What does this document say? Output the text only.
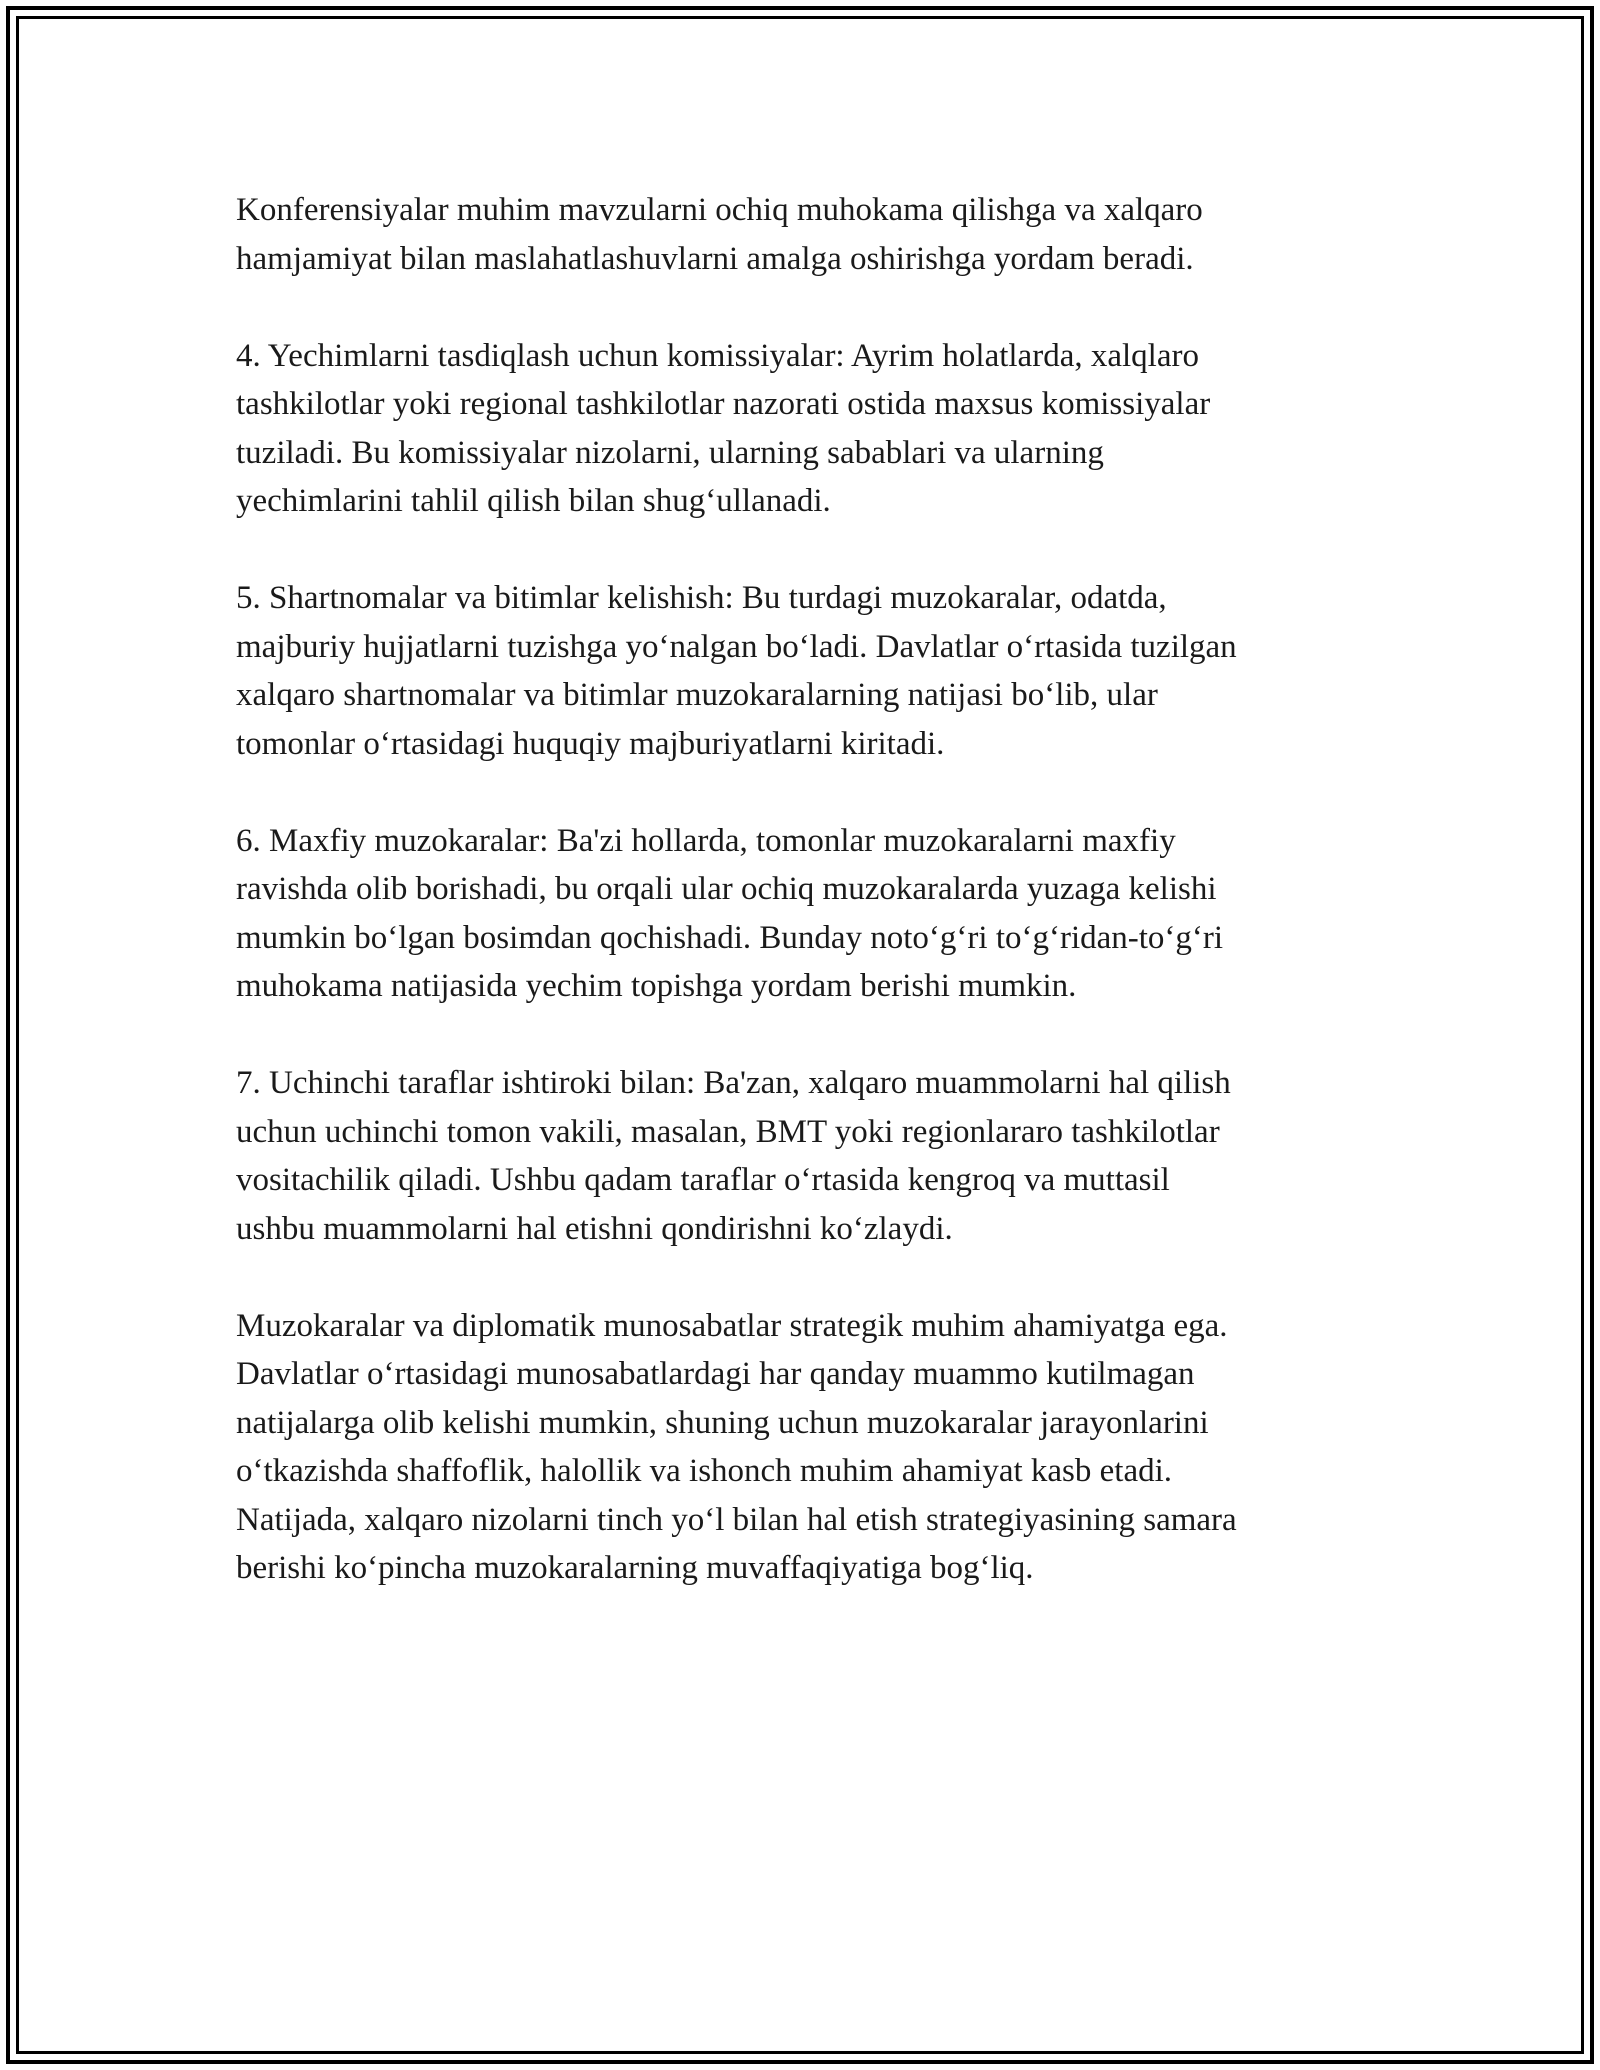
Konferensiyalar muhim mavzularni ochiq muhokama qilishga va xalqaro
hamjamiyat bilan maslahatlashuvlarni amalga oshirishga yordam beradi.

4. Yechimlarni tasdiqlash uchun komissiyalar: Ayrim holatlarda, xalqlaro
tashkilotlar yoki regional tashkilotlar nazorati ostida maxsus komissiyalar
tuziladi. Bu komissiyalar nizolarni, ularning sabablari va ularning
yechimlarini tahlil qilish bilan shug‘ullanadi.

5. Shartnomalar va bitimlar kelishish: Bu turdagi muzokaralar, odatda,
majburiy hujjatlarni tuzishga yo‘nalgan bo‘ladi. Davlatlar o‘rtasida tuzilgan
xalqaro shartnomalar va bitimlar muzokaralarning natijasi bo‘lib, ular
tomonlar o‘rtasidagi huquqiy majburiyatlarni kiritadi.

6. Maxfiy muzokaralar: Ba'zi hollarda, tomonlar muzokaralarni maxfiy
ravishda olib borishadi, bu orqali ular ochiq muzokaralarda yuzaga kelishi
mumkin bo‘lgan bosimdan qochishadi. Bunday noto‘g‘ri to‘g‘ridan-to‘g‘ri
muhokama natijasida yechim topishga yordam berishi mumkin.

7. Uchinchi taraflar ishtiroki bilan: Ba'zan, xalqaro muammolarni hal qilish
uchun uchinchi tomon vakili, masalan, BMT yoki regionlararo tashkilotlar
vositachilik qiladi. Ushbu qadam taraflar o‘rtasida kengroq va muttasil
ushbu muammolarni hal etishni qondirishni ko‘zlaydi.

Muzokaralar va diplomatik munosabatlar strategik muhim ahamiyatga ega.
Davlatlar o‘rtasidagi munosabatlardagi har qanday muammo kutilmagan
natijalarga olib kelishi mumkin, shuning uchun muzokaralar jarayonlarini
o‘tkazishda shaffoflik, halollik va ishonch muhim ahamiyat kasb etadi.
Natijada, xalqaro nizolarni tinch yo‘l bilan hal etish strategiyasining samara
berishi ko‘pincha muzokaralarning muvaffaqiyatiga bog‘liq.
